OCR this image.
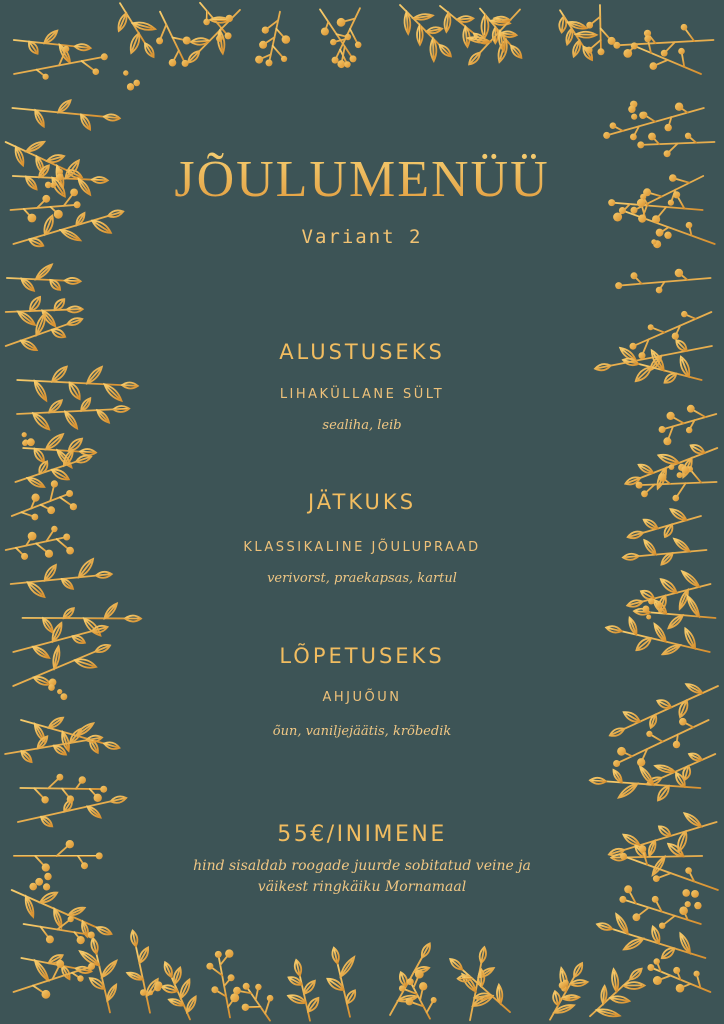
JÕULUMENÜÜ
Variant 2
ALUSTUSEKS
LIHAKÜLLANE SÜLT
sealiha, leib
JÄTKUKS
KLASSIKALINE JÕULUPRAAD
verivorst, praekapsas, kartul
LÕPETUSEKS
AHJUÕUN
õun, vaniljejäätis, krõbedik
55€/INIMENE
hind sisaldab roogade juurde sobitatud veine ja
väikest ringkäiku Mornamaal
